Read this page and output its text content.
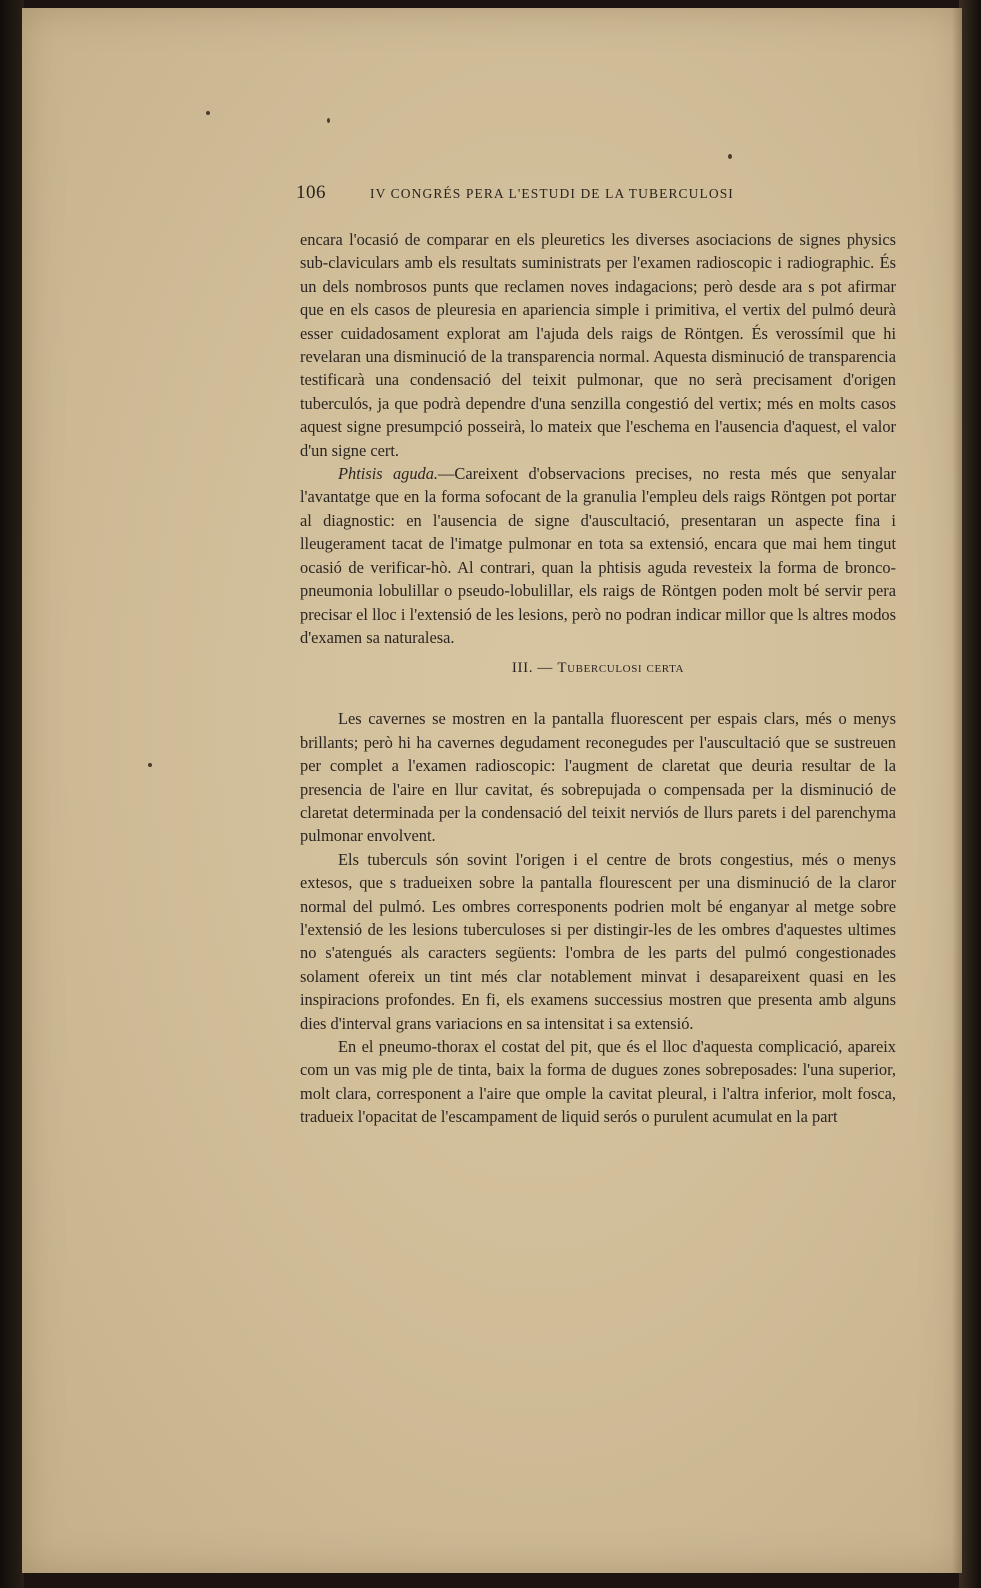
106	IV CONGRÉS PERA L'ESTUDI DE LA TUBERCULOSI

encara l'ocasió de comparar en els pleuretics les diverses asociacions de signes physics sub-claviculars amb els resultats suministrats per l'examen radioscopic i radiographic. És un dels nombrosos punts que reclamen noves indagacions; però desde ara s pot afirmar que en els casos de pleuresia en apariencia simple i primitiva, el vertix del pulmó deurà esser cuidadosament explorat am l'ajuda dels raigs de Röntgen. És verossímil que hi revelaran una disminució de la transparencia normal. Aquesta disminució de transparencia testificarà una condensació del teixit pulmonar, que no serà precisament d'origen tuberculós, ja que podrà dependre d'una senzilla congestió del vertix; més en molts casos aquest signe presumpció posseirà, lo mateix que l'eschema en l'ausencia d'aquest, el valor d'un signe cert.

Phtisis aguda.—Careixent d'observacions precises, no resta més que senyalar l'avantatge que en la forma sofocant de la granulia l'empleu dels raigs Röntgen pot portar al diagnostic: en l'ausencia de signe d'auscultació, presentaran un aspecte fina i lleugerament tacat de l'imatge pulmonar en tota sa extensió, encara que mai hem tingut ocasió de verificar-hò. Al contrari, quan la phtisis aguda revesteix la forma de bronco-pneumonia lobulillar o pseudo-lobulillar, els raigs de Röntgen poden molt bé servir pera precisar el lloc i l'extensió de les lesions, però no podran indicar millor que ls altres modos d'examen sa naturalesa.

III. — Tuberculosi certa

Les cavernes se mostren en la pantalla fluorescent per espais clars, més o menys brillants; però hi ha cavernes degudament reconegudes per l'auscultació que se sustreuen per complet a l'examen radioscopic: l'augment de claretat que deuria resultar de la presencia de l'aire en llur cavitat, és sobrepujada o compensada per la disminució de claretat determinada per la condensació del teixit nerviós de llurs parets i del parenchyma pulmonar envolvent.

Els tuberculs són sovint l'origen i el centre de brots congestius, més o menys extesos, que s tradueixen sobre la pantalla flourescent per una disminució de la claror normal del pulmó. Les ombres corresponents podrien molt bé enganyar al metge sobre l'extensió de les lesions tuberculoses si per distingir-les de les ombres d'aquestes ultimes no s'atengués als caracters següents: l'ombra de les parts del pulmó congestionades solament ofereix un tint més clar notablement minvat i desapareixent quasi en les inspiracions profondes. En fi, els examens successius mostren que presenta amb alguns dies d'interval grans variacions en sa intensitat i sa extensió.

En el pneumo-thorax el costat del pit, que és el lloc d'aquesta complicació, apareix com un vas mig ple de tinta, baix la forma de dugues zones sobreposades: l'una superior, molt clara, corresponent a l'aire que omple la cavitat pleural, i l'altra inferior, molt fosca, tradueix l'opacitat de l'escampament de liquid serós o purulent acumulat en la part
